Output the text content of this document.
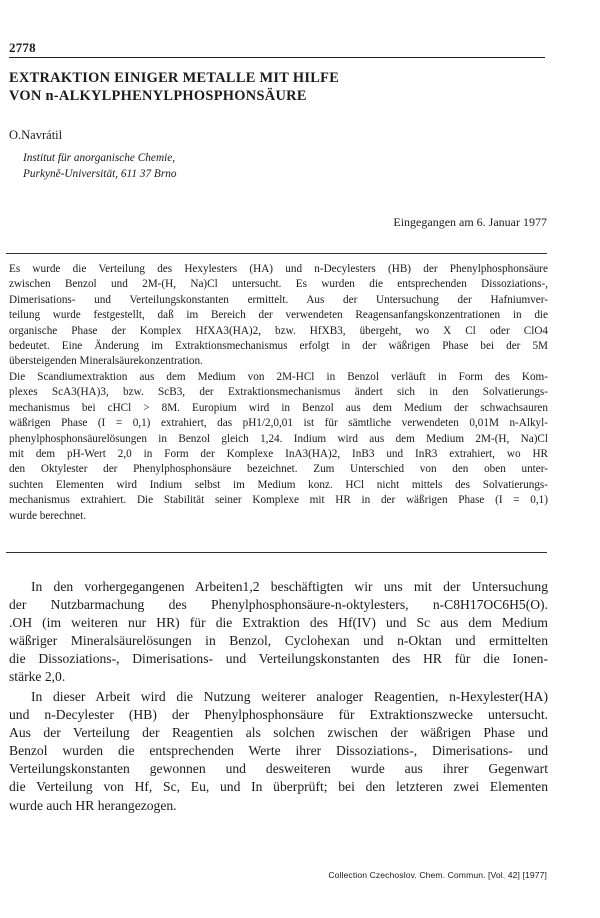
2778
EXTRAKTION EINIGER METALLE MIT HILFE
VON n-ALKYLPHENYLPHOSPHONSÄURE
O.Navrátil
Institut für anorganische Chemie,
Purkyně-Universität, 611 37 Brno
Eingegangen am 6. Januar 1977
Es wurde die Verteilung des Hexylesters (HA) und n-Decylesters (HB) der Phenylphosphonsäure
zwischen Benzol und 2M-(H, Na)Cl untersucht. Es wurden die entsprechenden Dissoziations-,
Dimerisations- und Verteilungskonstanten ermittelt. Aus der Untersuchung der Hafniumver-
teilung wurde festgestellt, daß im Bereich der verwendeten Reagensanfangskonzentrationen in die
organische Phase der Komplex HfXA3(HA)2, bzw. HfXB3, übergeht, wo X Cl oder ClO4
bedeutet. Eine Änderung im Extraktionsmechanismus erfolgt in der wäßrigen Phase bei der 5M
übersteigenden Mineralsäurekonzentration.
Die Scandiumextraktion aus dem Medium von 2M-HCl in Benzol verläuft in Form des Kom-
plexes ScA3(HA)3, bzw. ScB3, der Extraktionsmechanismus ändert sich in den Solvatierungs-
mechanismus bei cHCl > 8M. Europium wird in Benzol aus dem Medium der schwachsauren
wäßrigen Phase (I = 0,1) extrahiert, das pH1/2,0,01 ist für sämtliche verwendeten 0,01M n-Alkyl-
phenylphosphonsäurelösungen in Benzol gleich 1,24. Indium wird aus dem Medium 2M-(H, Na)Cl
mit dem pH-Wert 2,0 in Form der Komplexe InA3(HA)2, InB3 und InR3 extrahiert, wo HR
den Oktylester der Phenylphosphonsäure bezeichnet. Zum Unterschied von den oben unter-
suchten Elementen wird Indium selbst im Medium konz. HCl nicht mittels des Solvatierungs-
mechanismus extrahiert. Die Stabilität seiner Komplexe mit HR in der wäßrigen Phase (I = 0,1)
wurde berechnet.
In den vorhergegangenen Arbeiten1,2 beschäftigten wir uns mit der Untersuchung
der Nutzbarmachung des Phenylphosphonsäure-n-oktylesters, n-C8H17OC6H5(O).
.OH (im weiteren nur HR) für die Extraktion des Hf(IV) und Sc aus dem Medium
wäßriger Mineralsäurelösungen in Benzol, Cyclohexan und n-Oktan und ermittelten
die Dissoziations-, Dimerisations- und Verteilungskonstanten des HR für die Ionen-
stärke 2,0.
In dieser Arbeit wird die Nutzung weiterer analoger Reagentien, n-Hexylester(HA)
und n-Decylester (HB) der Phenylphosphonsäure für Extraktionszwecke untersucht.
Aus der Verteilung der Reagentien als solchen zwischen der wäßrigen Phase und
Benzol wurden die entsprechenden Werte ihrer Dissoziations-, Dimerisations- und
Verteilungskonstanten gewonnen und desweiteren wurde aus ihrer Gegenwart
die Verteilung von Hf, Sc, Eu, und In überprüft; bei den letzteren zwei Elementen
wurde auch HR herangezogen.
Collection Czechoslov. Chem. Commun. [Vol. 42] [1977]
